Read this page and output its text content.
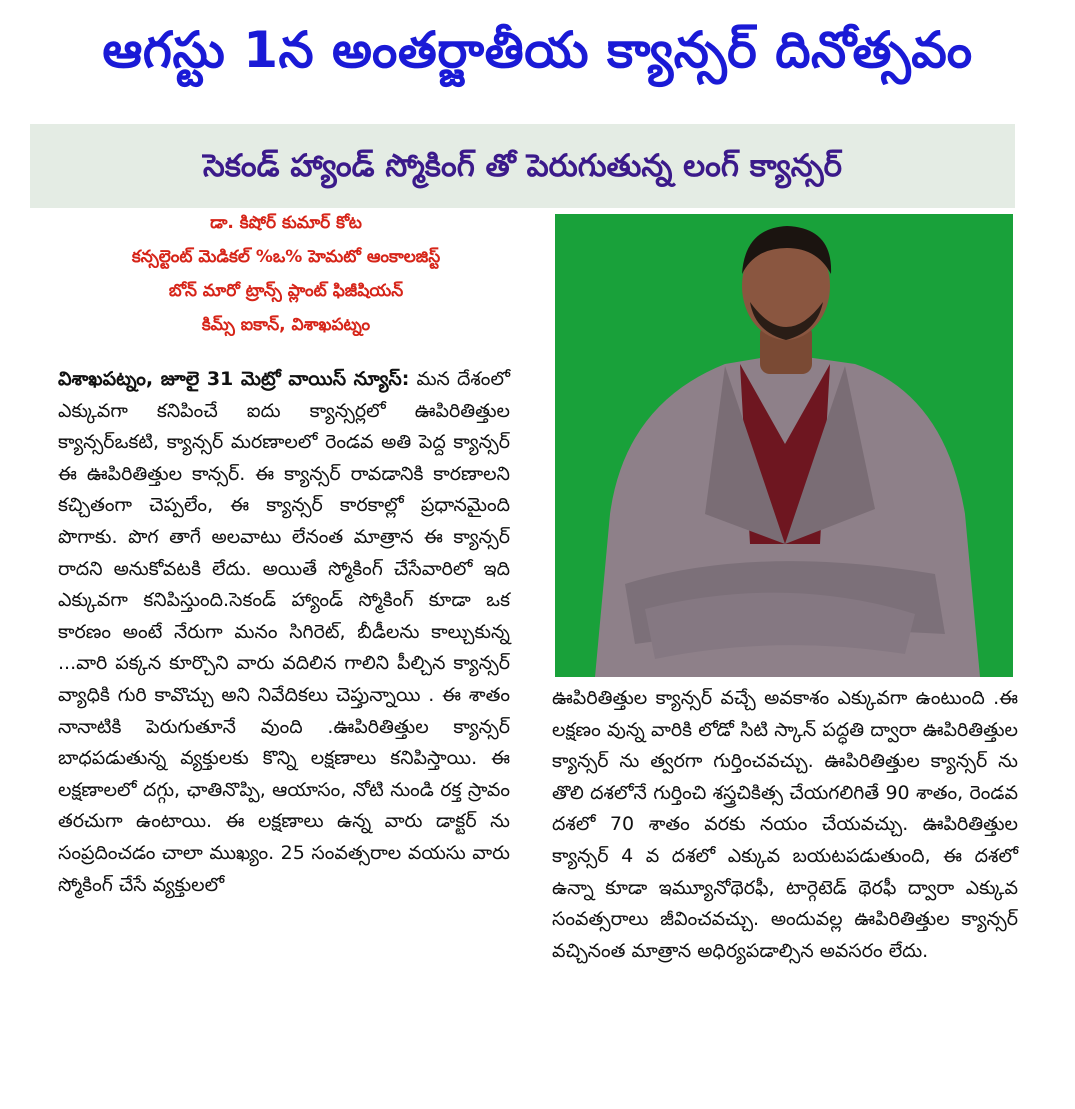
ఆగస్టు 1న అంతర్జాతీయ క్యాన్సర్ దినోత్సవం
సెకండ్ హ్యాండ్ స్మోకింగ్ తో పెరుగుతున్న లంగ్ క్యాన్సర్
డా. కిషోర్ కుమార్ కోట
కన్సల్టెంట్ మెడికల్ %ఒ% హెమటో ఆంకాలజిస్ట్
బోన్ మారో ట్రాన్స్ ప్లాంట్ ఫిజీషియన్
కిమ్స్ ఐకాన్, విశాఖపట్నం
విశాఖపట్నం, జూలై 31 మెట్రో వాయిస్ న్యూస్: మన దేశంలో ఎక్కువగా కనిపించే ఐదు క్యాన్సర్లలో ఊపిరితిత్తుల క్యాన్సర్ఒకటి, క్యాన్సర్ మరణాలలో రెండవ అతి పెద్ద క్యాన్సర్ ఈ ఊపిరితిత్తుల కాన్సర్. ఈ క్యాన్సర్ రావడానికి కారణాలని కచ్చితంగా చెప్పలేం, ఈ క్యాన్సర్ కారకాల్లో ప్రధానమైంది పొగాకు. పొగ తాగే అలవాటు లేనంత మాత్రాన ఈ క్యాన్సర్ రాదని అనుకోవటకి లేదు. అయితే స్మోకింగ్ చేసేవారిలో ఇది ఎక్కువగా కనిపిస్తుంది.సెకండ్ హ్యాండ్ స్మోకింగ్ కూడా ఒక కారణం అంటే నేరుగా మనం సిగిరెట్, బీడీలను కాల్చుకున్న ...వారి పక్కన కూర్చొని వారు వదిలిన గాలిని పీల్చిన క్యాన్సర్ వ్యాధికి గురి కావొచ్చు అని నివేదికలు చెప్తున్నాయి . ఈ శాతం నానాటికి పెరుగుతూనే వుంది .ఊపిరితిత్తుల క్యాన్సర్ బాధపడుతున్న వ్యక్తులకు కొన్ని లక్షణాలు కనిపిస్తాయి. ఈ లక్షణాలలో దగ్గు, ఛాతినొప్పి, ఆయాసం, నోటి నుండి రక్త స్రావం తరచుగా ఉంటాయి. ఈ లక్షణాలు ఉన్న వారు డాక్టర్ ను సంప్రదించడం చాలా ముఖ్యం. 25 సంవత్సరాల వయసు వారు స్మోకింగ్ చేసే వ్యక్తులలో
ఊపిరితిత్తుల క్యాన్సర్ వచ్చే అవకాశం ఎక్కువగా ఉంటుంది .ఈ లక్షణం వున్న వారికి లోడో సిటి స్కాన్ పద్ధతి ద్వారా ఊపిరితిత్తుల క్యాన్సర్ ను త్వరగా గుర్తించవచ్చు. ఊపిరితిత్తుల క్యాన్సర్ ను తొలి దశలోనే గుర్తించి శస్త్రచికిత్స చేయగలిగితే 90 శాతం, రెండవ దశలో 70 శాతం వరకు నయం చేయవచ్చు. ఊపిరితిత్తుల క్యాన్సర్ 4 వ దశలో ఎక్కువ బయటపడుతుంది, ఈ దశలో ఉన్నా కూడా ఇమ్యూనోథెరఫీ, టార్గెటెడ్ థెరఫీ ద్వారా ఎక్కువ సంవత్సరాలు జీవించవచ్చు. అందువల్ల ఊపిరితిత్తుల క్యాన్సర్ వచ్చినంత మాత్రాన అధిర్యపడాల్సిన అవసరం లేదు.
